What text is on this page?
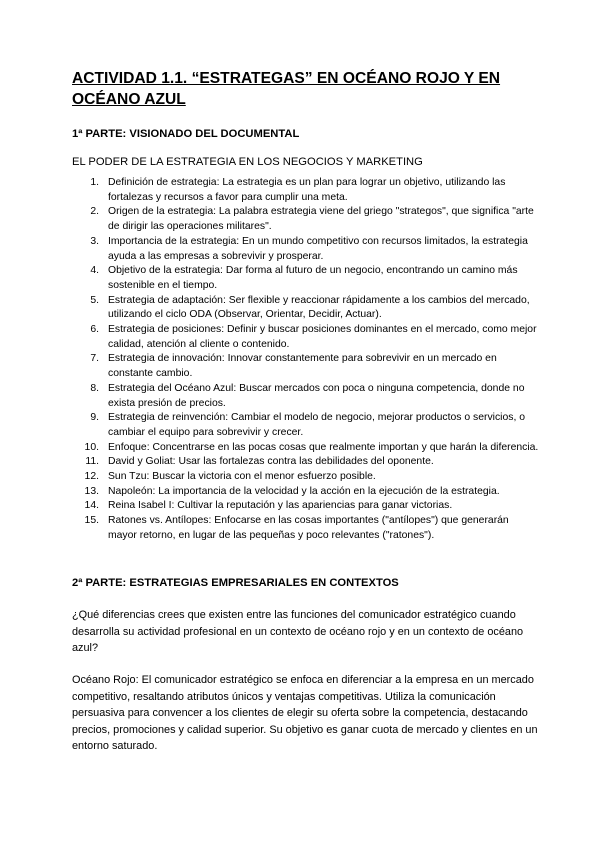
ACTIVIDAD 1.1. “ESTRATEGAS” EN OCÉANO ROJO Y EN OCÉANO AZUL
1ª PARTE: VISIONADO DEL DOCUMENTAL

EL PODER DE LA ESTRATEGIA EN LOS NEGOCIOS Y MARKETING

1. Definición de estrategia: La estrategia es un plan para lograr un objetivo, utilizando las fortalezas y recursos a favor para cumplir una meta.
2. Origen de la estrategia: La palabra estrategia viene del griego "strategos", que significa "arte de dirigir las operaciones militares".
3. Importancia de la estrategia: En un mundo competitivo con recursos limitados, la estrategia ayuda a las empresas a sobrevivir y prosperar.
4. Objetivo de la estrategia: Dar forma al futuro de un negocio, encontrando un camino más sostenible en el tiempo.
5. Estrategia de adaptación: Ser flexible y reaccionar rápidamente a los cambios del mercado, utilizando el ciclo ODA (Observar, Orientar, Decidir, Actuar).
6. Estrategia de posiciones: Definir y buscar posiciones dominantes en el mercado, como mejor calidad, atención al cliente o contenido.
7. Estrategia de innovación: Innovar constantemente para sobrevivir en un mercado en constante cambio.
8. Estrategia del Océano Azul: Buscar mercados con poca o ninguna competencia, donde no exista presión de precios.
9. Estrategia de reinvención: Cambiar el modelo de negocio, mejorar productos o servicios, o cambiar el equipo para sobrevivir y crecer.
10. Enfoque: Concentrarse en las pocas cosas que realmente importan y que harán la diferencia.
11. David y Goliat: Usar las fortalezas contra las debilidades del oponente.
12. Sun Tzu: Buscar la victoria con el menor esfuerzo posible.
13. Napoleón: La importancia de la velocidad y la acción en la ejecución de la estrategia.
14. Reina Isabel I: Cultivar la reputación y las apariencias para ganar victorias.
15. Ratones vs. Antílopes: Enfocarse en las cosas importantes ("antílopes") que generarán mayor retorno, en lugar de las pequeñas y poco relevantes ("ratones").
2ª PARTE: ESTRATEGIAS EMPRESARIALES EN CONTEXTOS

¿Qué diferencias crees que existen entre las funciones del comunicador estratégico cuando desarrolla su actividad profesional en un contexto de océano rojo y en un contexto de océano azul?

Océano Rojo: El comunicador estratégico se enfoca en diferenciar a la empresa en un mercado competitivo, resaltando atributos únicos y ventajas competitivas. Utiliza la comunicación persuasiva para convencer a los clientes de elegir su oferta sobre la competencia, destacando precios, promociones y calidad superior. Su objetivo es ganar cuota de mercado y clientes en un entorno saturado.
